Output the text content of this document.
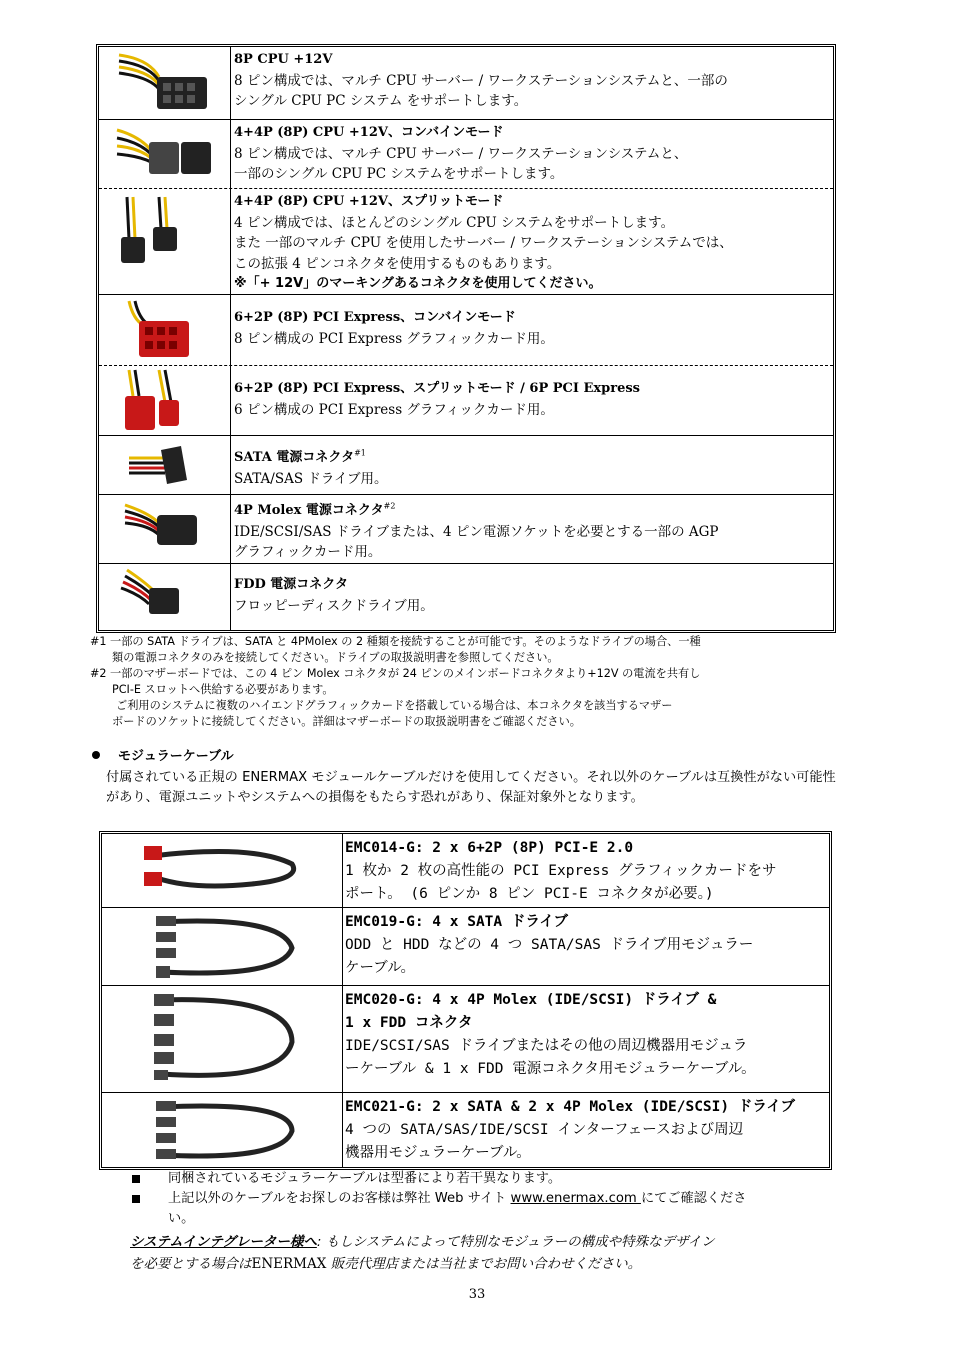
8P CPU +12V
8 ピン構成では、マルチ CPU サーバー / ワークステーションシステムと、一部の
シングル CPU PC システム をサポートします。
4+4P (8P) CPU +12V、コンバインモード
8 ピン構成では、マルチ CPU サーバー / ワークステーションシステムと、
一部のシングル CPU PC システムをサポートします。
4+4P (8P) CPU +12V、スプリットモード
4 ピン構成では、ほとんどのシングル CPU システムをサポートします。
また 一部のマルチ CPU を使用したサーバー / ワークステーションシステムでは、
この拡張 4 ピンコネクタを使用するものもあります。
※「+ 12V」のマーキングあるコネクタを使用してください。
6+2P (8P) PCI Express、コンバインモード
8 ピン構成の PCI Express グラフィックカード用。
6+2P (8P) PCI Express、スプリットモード / 6P PCI Express
6 ピン構成の PCI Express グラフィックカード用。
SATA 電源コネクタ$^{\#1}$
SATA/SAS ドライブ用。
4P Molex 電源コネクタ$^{\#2}$
IDE/SCSI/SAS ドライブまたは、4 ピン電源ソケットを必要とする一部の AGP
グラフィックカード用。
FDD 電源コネクタ
フロッピーディスクドライブ用。
#1 一部の SATA ドライブは、SATA と 4PMolex の 2 種類を接続することが可能です。そのようなドライブの場合、一種
類の電源コネクタのみを接続してください。ドライブの取扱説明書を参照してください。
#2 一部のマザーボードでは、この 4 ピン Molex コネクタが 24 ピンのメインボードコネクタより+12V の電流を共有し
PCI-E スロットへ供給する必要があります。
ご利用のシステムに複数のハイエンドグラフィックカードを搭載している場合は、本コネクタを該当するマザー
ボードのソケットに接続してください。詳細はマザーボードの取扱説明書をご確認ください。
モジュラーケーブル
付属されている正規の ENERMAX モジュールケーブルだけを使用してください。それ以外のケーブルは互換性がない可能性があり、電源ユニットやシステムへの損傷をもたらす恐れがあり、保証対象外となります。
EMC014-G: 2 x 6+2P (8P) PCI-E 2.0
1 枚か 2 枚の高性能の PCI Express グラフィックカードをサ
ポート。 (6 ピンか 8 ピン PCI-E コネクタが必要。)
EMC019-G: 4 x SATA ドライブ
ODD と HDD などの 4 つ SATA/SAS ドライブ用モジュラー
ケーブル。
EMC020-G: 4 x 4P Molex (IDE/SCSI) ドライブ &
1 x FDD コネクタ
IDE/SCSI/SAS ドライブまたはその他の周辺機器用モジュラ
ーケーブル & 1 x FDD 電源コネクタ用モジュラーケーブル。
EMC021-G: 2 x SATA & 2 x 4P Molex (IDE/SCSI) ドライブ
4 つの SATA/SAS/IDE/SCSI インターフェースおよび周辺
機器用モジュラーケーブル。
同梱されているモジュラーケーブルは型番により若干異なります。
上記以外のケーブルをお探しのお客様は弊社 Web サイト www.enermax.com にてご確認くださ
い。
システムインテグレーター様へ: もしシステムによって特別なモジュラーの構成や特殊なデザイン
を必要とする場合はENERMAX 販売代理店または当社までお問い合わせください。
33
